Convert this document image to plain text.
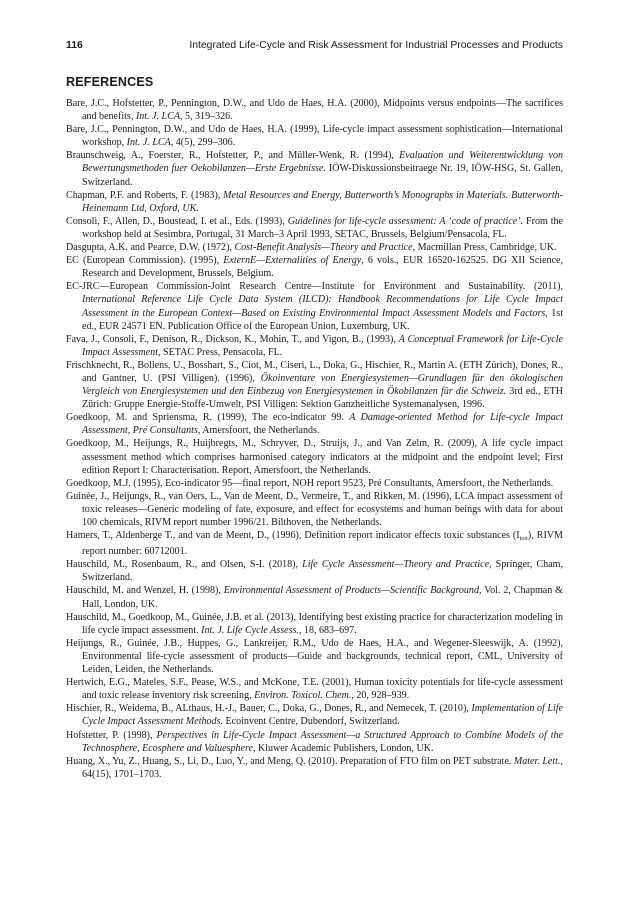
116	Integrated Life-Cycle and Risk Assessment for Industrial Processes and Products
REFERENCES

Bare, J.C., Hofstetter, P., Pennington, D.W., and Udo de Haes, H.A. (2000), Midpoints versus endpoints—The sacrifices and benefits, Int. J. LCA, 5, 319–326.

Bare, J.C., Pennington, D.W., and Udo de Haes, H.A. (1999), Life-cycle impact assessment sophistication—International workshop, Int. J. LCA, 4(5), 299–306.

Braunschweig, A., Foerster, R., Hofstetter, P., and Müller-Wenk, R. (1994), Evaluation und Weiterentwicklung von Bewertungsmethoden fuer Oekobilanzen—Erste Ergebnisse. IÖW-Diskussionsbeitraege Nr. 19, IÖW-HSG, St. Gallen, Switzerland.

Chapman, P.F. and Roberts, F. (1983), Metal Resources and Energy, Butterworth’s Monographs in Materials. Butterworth-Heinemann Ltd, Oxford, UK.

Consoli, F., Allen, D., Boustead, I. et al., Eds. (1993), Guidelines for life-cycle assessment: A ‘code of practice’. From the workshop held at Sesimbra, Portugal, 31 March–3 April 1993, SETAC, Brussels, Belgium/Pensacola, FL.

Dasgupta, A.K. and Pearce, D.W. (1972), Cost-Benefit Analysis—Theory and Practice, Macmillan Press, Cambridge, UK.

EC (European Commission). (1995), ExternE—Externalities of Energy, 6 vols., EUR 16520-162525. DG XII Science, Research and Development, Brussels, Belgium.

EC-JRC—European Commission-Joint Research Centre—Institute for Environment and Sustainability. (2011), International Reference Life Cycle Data System (ILCD): Handbook Recommendations for Life Cycle Impact Assessment in the European Context—Based on Existing Environmental Impact Assessment Models and Factors, 1st ed., EUR 24571 EN. Publication Office of the European Union, Luxemburg, UK.

Fava, J., Consoli, F., Denison, R., Dickson, K., Mohin, T., and Vigon, B., (1993), A Conceptual Framework for Life-Cycle Impact Assessment, SETAC Press, Pensacola, FL.

Frischknecht, R., Bollens, U., Bosshart, S., Ciot, M., Ciseri, L., Doka, G., Hischier, R., Martin A. (ETH Zürich), Dones, R., and Gantner, U. (PSI Villigen). (1996), Ökoinventare von Energiesystemen—Grundlagen für den ökologischen Vergleich von Energiesystemen und den Einbezug von Energiesystemen in Ökobilanzen für die Schweiz. 3rd ed., ETH Zürich: Gruppe Energie-Stoffe-Umwelt, PSI Villigen: Sektion Ganzheitliche Systemanalysen, 1996.

Goedkoop, M. and Spriensma, R. (1999), The eco-indicator 99. A Damage-oriented Method for Life-cycle Impact Assessment, Pré Consultants, Amersfoort, the Netherlands.

Goedkoop, M., Heijungs, R., Huijbregts, M., Schryver, D., Struijs, J., and Van Zelm, R. (2009), A life cycle impact assessment method which comprises harmonised category indicators at the midpoint and the endpoint level; First edition Report I: Characterisation. Report, Amersfoort, the Netherlands.

Goedkoop, M.J. (1995), Eco-indicator 95—final report, NOH report 9523, Pré Consultants, Amersfoort, the Netherlands.

Guinée, J., Heijungs, R., van Oers, L., Van de Meent, D., Vermeire, T., and Rikken, M. (1996), LCA impact assessment of toxic releases—Generic modeling of fate, exposure, and effect for ecosystems and human beings with data for about 100 chemicals, RIVM report number 1996/21. Bilthoven, the Netherlands.

Hamers, T., Aldenberge T., and van de Meent, D., (1996), Definition report indicator effects toxic substances $(I_{tox})$, RIVM report number: 60712001.

Hauschild, M., Rosenbaum, R., and Olsen, S-I. (2018), Life Cycle Assessment—Theory and Practice, Springer, Cham, Switzerland.

Hauschild, M. and Wenzel, H. (1998), Environmental Assessment of Products—Scientific Background, Vol. 2, Chapman & Hall, London, UK.

Hauschild, M., Goedkoop, M., Guinée, J.B. et al. (2013), Identifying best existing practice for characterization modeling in life cycle impact assessment. Int. J. Life Cycle Assess., 18, 683–697.

Heijungs, R., Guinée, J.B., Huppes, G., Lankreijer, R.M., Udo de Haes, H.A., and Wegener-Sleeswijk, A. (1992), Environmental life-cycle assessment of products—Guide and backgrounds, technical report, CML, University of Leiden, Leiden, the Netherlands.

Hertwich, E.G., Mateles, S.F., Pease, W.S., and McKone, T.E. (2001), Human toxicity potentials for life-cycle assessment and toxic release inventory risk screening, Environ. Toxicol. Chem., 20, 928–939.

Hischier, R., Weidema, B., ALthaus, H.-J., Bauer, C., Doka, G., Dones, R., and Nemecek, T. (2010), Implementation of Life Cycle Impact Assessment Methods. Ecoinvent Centre, Dubendorf, Switzerland.

Hofstetter, P. (1998), Perspectives in Life-Cycle Impact Assessment—a Structured Approach to Combine Models of the Technosphere, Ecosphere and Valuesphere, Kluwer Academic Publishers, London, UK.

Huang, X., Yu, Z., Huang, S., Li, D., Luo, Y., and Meng, Q. (2010). Preparation of FTO film on PET substrate. Mater. Lett., 64(15), 1701–1703.
